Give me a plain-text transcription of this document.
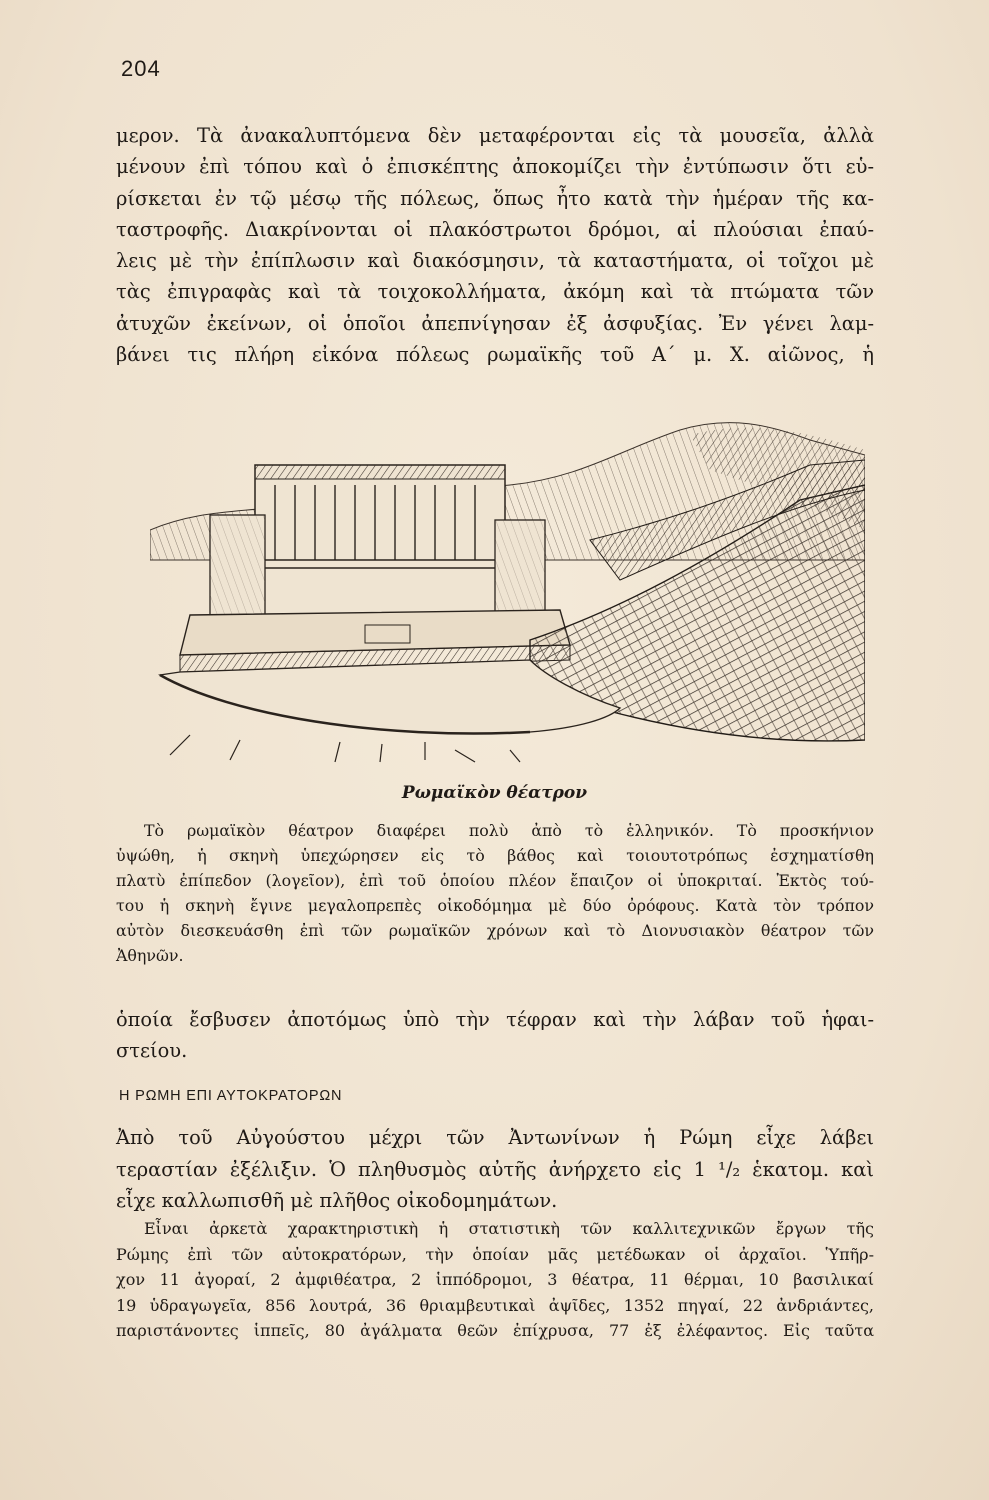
204
μερον. Τὰ ἀνακαλυπτόμενα δὲν μεταφέρονται εἰς τὰ μουσεῖα, ἀλλὰ
μένουν ἐπὶ τόπου καὶ ὁ ἐπισκέπτης ἀποκομίζει τὴν ἐντύπωσιν ὅτι εὑ-
ρίσκεται ἐν τῷ μέσῳ τῆς πόλεως, ὅπως ἦτο κατὰ τὴν ἡμέραν τῆς κα-
ταστροφῆς. Διακρίνονται οἱ πλακόστρωτοι δρόμοι, αἱ πλούσιαι ἐπαύ-
λεις μὲ τὴν ἐπίπλωσιν καὶ διακόσμησιν, τὰ καταστήματα, οἱ τοῖχοι μὲ
τὰς ἐπιγραφὰς καὶ τὰ τοιχοκολλήματα, ἀκόμη καὶ τὰ πτώματα τῶν
ἀτυχῶν ἐκείνων, οἱ ὁποῖοι ἀπεπνίγησαν ἐξ ἀσφυξίας. Ἐν γένει λαμ-
βάνει τις πλήρη εἰκόνα πόλεως ρωμαϊκῆς τοῦ Α΄ μ. Χ. αἰῶνος, ἡ
Ρωμαϊκὸν θέατρον
Τὸ ρωμαϊκὸν θέατρον διαφέρει πολὺ ἀπὸ τὸ ἑλληνικόν. Τὸ προσκήνιον
ὑψώθη, ἡ σκηνὴ ὑπεχώρησεν εἰς τὸ βάθος καὶ τοιουτοτρόπως ἐσχηματίσθη
πλατὺ ἐπίπεδον (λογεῖον), ἐπὶ τοῦ ὁποίου πλέον ἔπαιζον οἱ ὑποκριταί. Ἐκτὸς τού-
του ἡ σκηνὴ ἔγινε μεγαλοπρεπὲς οἰκοδόμημα μὲ δύο ὀρόφους. Κατὰ τὸν τρόπον
αὐτὸν διεσκευάσθη ἐπὶ τῶν ρωμαϊκῶν χρόνων καὶ τὸ Διονυσιακὸν θέατρον τῶν
Ἀθηνῶν.
ὁποία ἔσβυσεν ἀποτόμως ὑπὸ τὴν τέφραν καὶ τὴν λάβαν τοῦ ἡφαι-
στείου.
Η ΡΩΜΗ ΕΠΙ ΑΥΤΟΚΡΑΤΟΡΩΝ
Ἀπὸ τοῦ Αὐγούστου μέχρι τῶν Ἀντωνίνων ἡ Ρώμη εἶχε λάβει
τεραστίαν ἐξέλιξιν. Ὁ πληθυσμὸς αὐτῆς ἀνήρχετο εἰς 1 ¹/₂ ἑκατομ. καὶ
εἶχε καλλωπισθῆ μὲ πλῆθος οἰκοδομημάτων.
Εἶναι ἀρκετὰ χαρακτηριστικὴ ἡ στατιστικὴ τῶν καλλιτεχνικῶν ἔργων τῆς
Ρώμης ἐπὶ τῶν αὐτοκρατόρων, τὴν ὁποίαν μᾶς μετέδωκαν οἱ ἀρχαῖοι. Ὑπῆρ-
χον 11 ἀγοραί, 2 ἀμφιθέατρα, 2 ἱππόδρομοι, 3 θέατρα, 11 θέρμαι, 10 βασιλικαί
19 ὑδραγωγεῖα, 856 λουτρά, 36 θριαμβευτικαὶ ἀψῖδες, 1352 πηγαί, 22 ἀνδριάντες,
παριστάνοντες ἱππεῖς, 80 ἀγάλματα θεῶν ἐπίχρυσα, 77 ἐξ ἐλέφαντος. Εἰς ταῦτα
